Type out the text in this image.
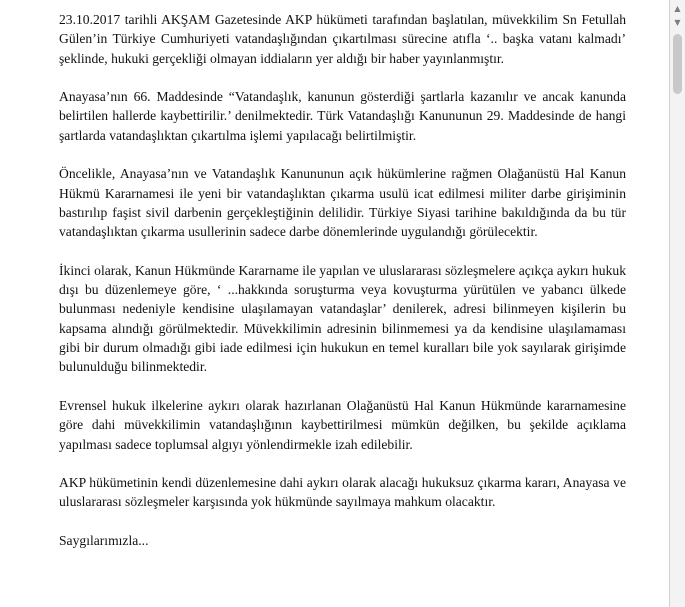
23.10.2017 tarihli AKŞAM Gazetesinde AKP hükümeti tarafından başlatılan, müvekkilim Sn Fetullah Gülen’in Türkiye Cumhuriyeti vatandaşlığından çıkartılması sürecine atıfla ‘.. başka vatanı kalmadı’ şeklinde, hukuki gerçekliği olmayan iddiaların yer aldığı bir haber yayınlanmıştır.

Anayasa’nın 66. Maddesinde “Vatandaşlık, kanunun gösterdiği şartlarla kazanılır ve ancak kanunda belirtilen hallerde kaybettirilir.’ denilmektedir. Türk Vatandaşlığı Kanununun 29. Maddesinde de hangi şartlarda vatandaşlıktan çıkartılma işlemi yapılacağı belirtilmiştir.

Öncelikle, Anayasa’nın ve Vatandaşlık Kanununun açık hükümlerine rağmen Olağanüstü Hal Kanun Hükmü Kararnamesi ile yeni bir vatandaşlıktan çıkarma usulü icat edilmesi militer darbe girişiminin bastırılıp faşist sivil darbenin gerçekleştiğinin delilidir. Türkiye Siyasi tarihine bakıldığında da bu tür vatandaşlıktan çıkarma usullerinin sadece darbe dönemlerinde uygulandığı görülecektir.

İkinci olarak, Kanun Hükmünde Kararname ile yapılan ve uluslararası sözleşmelere açıkça aykırı hukuk dışı bu düzenlemeye göre, ‘ ...hakkında soruşturma veya kovuşturma yürütülen ve yabancı ülkede bulunması nedeniyle kendisine ulaşılamayan vatandaşlar’ denilerek, adresi bilinmeyen kişilerin bu kapsama alındığı görülmektedir. Müvekkilimin adresinin bilinmemesi ya da kendisine ulaşılamaması gibi bir durum olmadığı gibi iade edilmesi için hukukun en temel kuralları bile yok sayılarak girişimde bulunulduğu bilinmektedir.

Evrensel hukuk ilkelerine aykırı olarak hazırlanan Olağanüstü Hal Kanun Hükmünde kararnamesine göre dahi müvekkilimin vatandaşlığının kaybettirilmesi mümkün değilken, bu şekilde açıklama yapılması sadece toplumsal algıyı yönlendirmekle izah edilebilir.

AKP hükümetinin kendi düzenlemesine dahi aykırı olarak alacağı hukuksuz çıkarma kararı, Anayasa ve uluslararası sözleşmeler karşısında yok hükmünde sayılmaya mahkum olacaktır.

Saygılarımızla...

▲
▼
